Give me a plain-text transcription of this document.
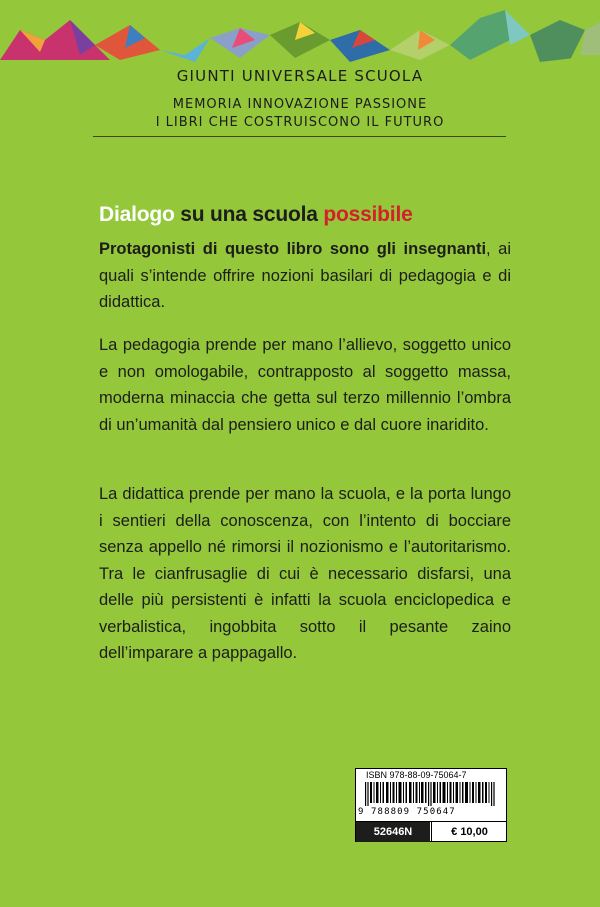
GIUNTI UNIVERSALE SCUOLA
MEMORIA INNOVAZIONE PASSIONE
I LIBRI CHE COSTRUISCONO IL FUTURO
Dialogo su una scuola possibile

Protagonisti di questo libro sono gli insegnanti, ai quali s’intende offrire nozioni basilari di pedagogia e di didattica.

La pedagogia prende per mano l’allievo, soggetto unico e non omologabile, contrapposto al soggetto massa, moderna minaccia che getta sul terzo millennio l’ombra di un’umanità dal pensiero unico e dal cuore inaridito.

La didattica prende per mano la scuola, e la porta lungo i sentieri della conoscenza, con l’intento di bocciare senza appello né rimorsi il nozionismo e l’autoritarismo. Tra le cianfrusaglie di cui è necessario disfarsi, una delle più persistenti è infatti la scuola enciclopedica e verbalistica, ingobbita sotto il pesante zaino dell’imparare a pappagallo.

ISBN 978-88-09-75064-7
9 788809 750647
52646N	€ 10,00
